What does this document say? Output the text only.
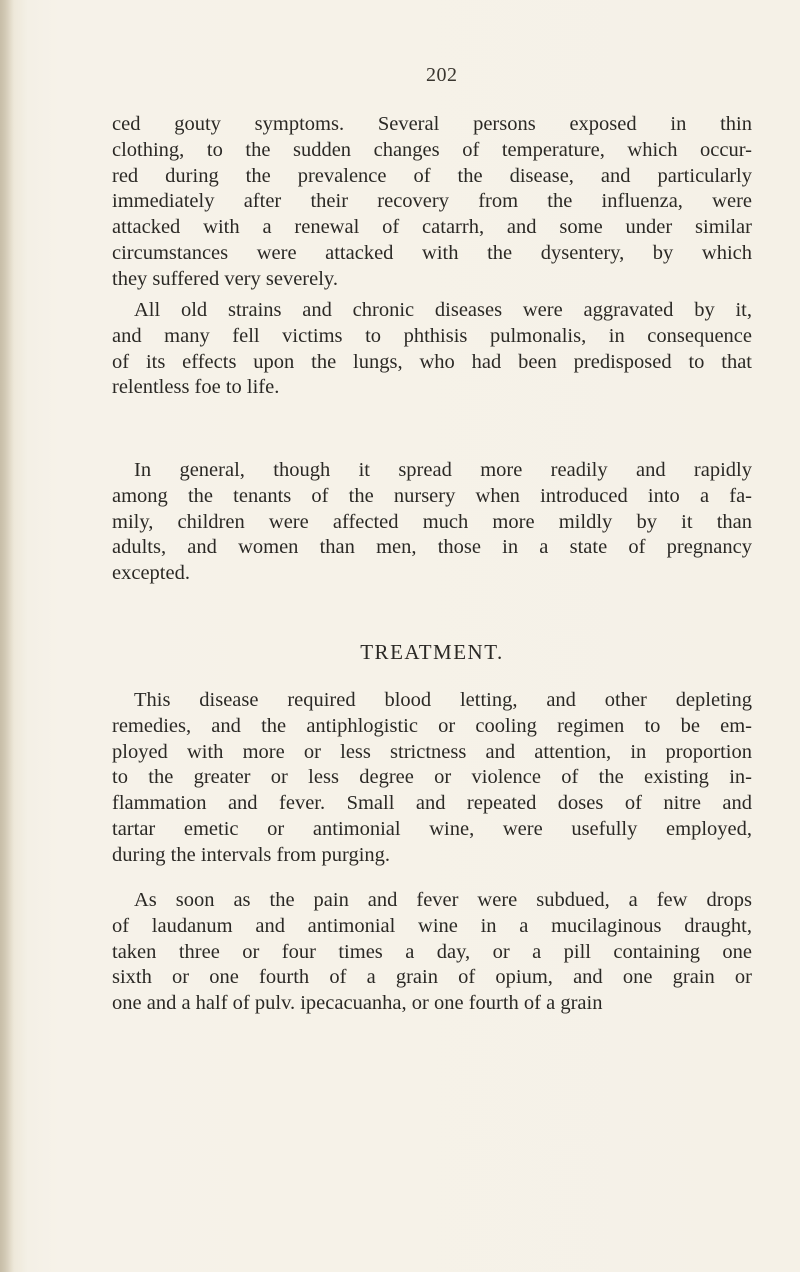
202
ced gouty symptoms. Several persons exposed in thin
clothing, to the sudden changes of temperature, which occur-
red during the prevalence of the disease, and particularly
immediately after their recovery from the influenza, were
attacked with a renewal of catarrh, and some under similar
circumstances were attacked with the dysentery, by which
they suffered very severely.
All old strains and chronic diseases were aggravated by it,
and many fell victims to phthisis pulmonalis, in consequence
of its effects upon the lungs, who had been predisposed to that
relentless foe to life.
In general, though it spread more readily and rapidly
among the tenants of the nursery when introduced into a fa-
mily, children were affected much more mildly by it than
adults, and women than men, those in a state of pregnancy
excepted.
TREATMENT.
This disease required blood letting, and other depleting
remedies, and the antiphlogistic or cooling regimen to be em-
ployed with more or less strictness and attention, in proportion
to the greater or less degree or violence of the existing in-
flammation and fever. Small and repeated doses of nitre and
tartar emetic or antimonial wine, were usefully employed,
during the intervals from purging.
As soon as the pain and fever were subdued, a few drops
of laudanum and antimonial wine in a mucilaginous draught,
taken three or four times a day, or a pill containing one
sixth or one fourth of a grain of opium, and one grain or
one and a half of pulv. ipecacuanha, or one fourth of a grain
